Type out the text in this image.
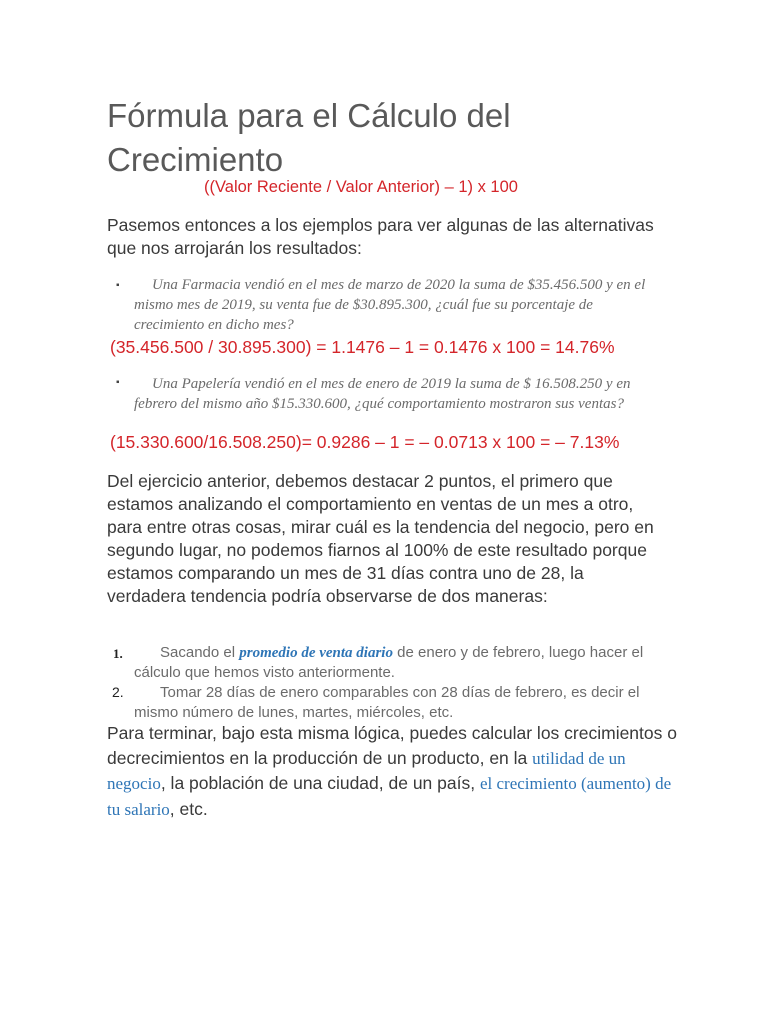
Fórmula para el Cálculo del Crecimiento
((Valor Reciente / Valor Anterior) – 1) x 100
Pasemos entonces a los ejemplos para ver algunas de las alternativas que nos arrojarán los resultados:
▪	Una Farmacia vendió en el mes de marzo de 2020 la suma de $35.456.500 y en el mismo mes de 2019, su venta fue de $30.895.300, ¿cuál fue su porcentaje de crecimiento en dicho mes?
(35.456.500 / 30.895.300) = 1.1476 – 1 = 0.1476 x 100 = 14.76%
▪	Una Papelería vendió en el mes de enero de 2019 la suma de $ 16.508.250 y en febrero del mismo año $15.330.600, ¿qué comportamiento mostraron sus ventas?
(15.330.600/16.508.250)= 0.9286 – 1 = – 0.0713 x 100 = – 7.13%
Del ejercicio anterior, debemos destacar 2 puntos, el primero que estamos analizando el comportamiento en ventas de un mes a otro, para entre otras cosas, mirar cuál es la tendencia del negocio, pero en segundo lugar, no podemos fiarnos al 100% de este resultado porque estamos comparando un mes de 31 días contra uno de 28, la verdadera tendencia podría observarse de dos maneras:
1.	Sacando el promedio de venta diario de enero y de febrero, luego hacer el cálculo que hemos visto anteriormente.
2.	Tomar 28 días de enero comparables con 28 días de febrero, es decir el mismo número de lunes, martes, miércoles, etc.
Para terminar, bajo esta misma lógica, puedes calcular los crecimientos o decrecimientos en la producción de un producto, en la utilidad de un negocio, la población de una ciudad, de un país, el crecimiento (aumento) de tu salario, etc.
